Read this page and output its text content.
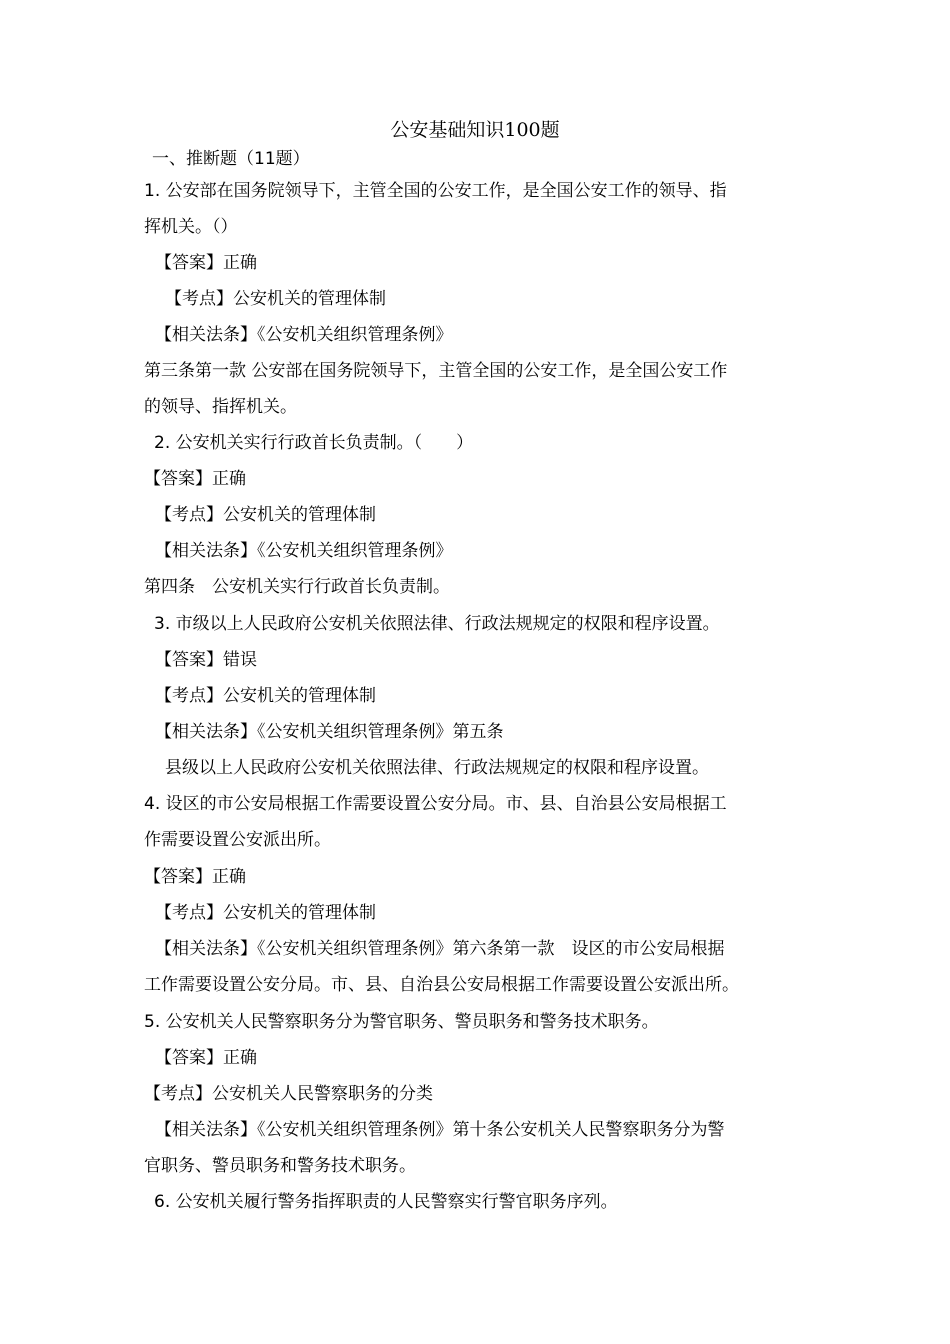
公安基础知识100题
一、推断题（11题）
1. 公安部在国务院领导下，主管全国的公安工作，是全国公安工作的领导、指
挥机关。（）
【答案】正确
【考点】公安机关的管理体制
【相关法条】《公安机关组织管理条例》
第三条第一款 公安部在国务院领导下，主管全国的公安工作，是全国公安工作
的领导、指挥机关。
2. 公安机关实行行政首长负责制。（　　）
【答案】正确
【考点】公安机关的管理体制
【相关法条】《公安机关组织管理条例》
第四条　公安机关实行行政首长负责制。
3. 市级以上人民政府公安机关依照法律、行政法规规定的权限和程序设置。
【答案】错误
【考点】公安机关的管理体制
【相关法条】《公安机关组织管理条例》第五条
县级以上人民政府公安机关依照法律、行政法规规定的权限和程序设置。
4. 设区的市公安局根据工作需要设置公安分局。市、县、自治县公安局根据工
作需要设置公安派出所。
【答案】正确
【考点】公安机关的管理体制
【相关法条】《公安机关组织管理条例》第六条第一款　设区的市公安局根据
工作需要设置公安分局。市、县、自治县公安局根据工作需要设置公安派出所。
5. 公安机关人民警察职务分为警官职务、警员职务和警务技术职务。
【答案】正确
【考点】公安机关人民警察职务的分类
【相关法条】《公安机关组织管理条例》第十条公安机关人民警察职务分为警
官职务、警员职务和警务技术职务。
6. 公安机关履行警务指挥职责的人民警察实行警官职务序列。
